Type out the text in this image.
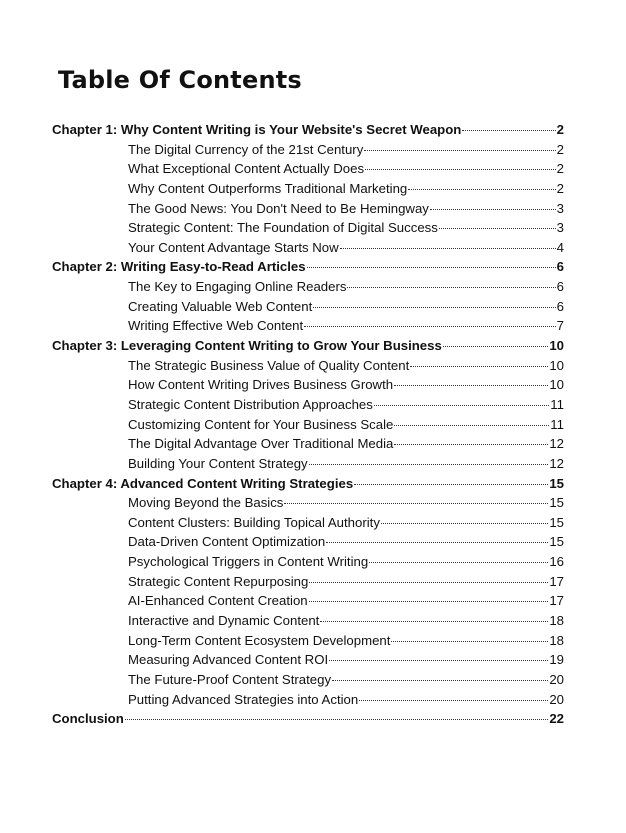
Table Of Contents
Chapter 1: Why Content Writing is Your Website's Secret Weapon	2
The Digital Currency of the 21st Century	2
What Exceptional Content Actually Does	2
Why Content Outperforms Traditional Marketing	2
The Good News: You Don't Need to Be Hemingway	3
Strategic Content: The Foundation of Digital Success	3
Your Content Advantage Starts Now	4
Chapter 2: Writing Easy-to-Read Articles	6
The Key to Engaging Online Readers	6
Creating Valuable Web Content	6
Writing Effective Web Content	7
Chapter 3: Leveraging Content Writing to Grow Your Business	10
The Strategic Business Value of Quality Content	10
How Content Writing Drives Business Growth	10
Strategic Content Distribution Approaches	11
Customizing Content for Your Business Scale	11
The Digital Advantage Over Traditional Media	12
Building Your Content Strategy	12
Chapter 4: Advanced Content Writing Strategies	15
Moving Beyond the Basics	15
Content Clusters: Building Topical Authority	15
Data-Driven Content Optimization	15
Psychological Triggers in Content Writing	16
Strategic Content Repurposing	17
AI-Enhanced Content Creation	17
Interactive and Dynamic Content	18
Long-Term Content Ecosystem Development	18
Measuring Advanced Content ROI	19
The Future-Proof Content Strategy	20
Putting Advanced Strategies into Action	20
Conclusion	22
